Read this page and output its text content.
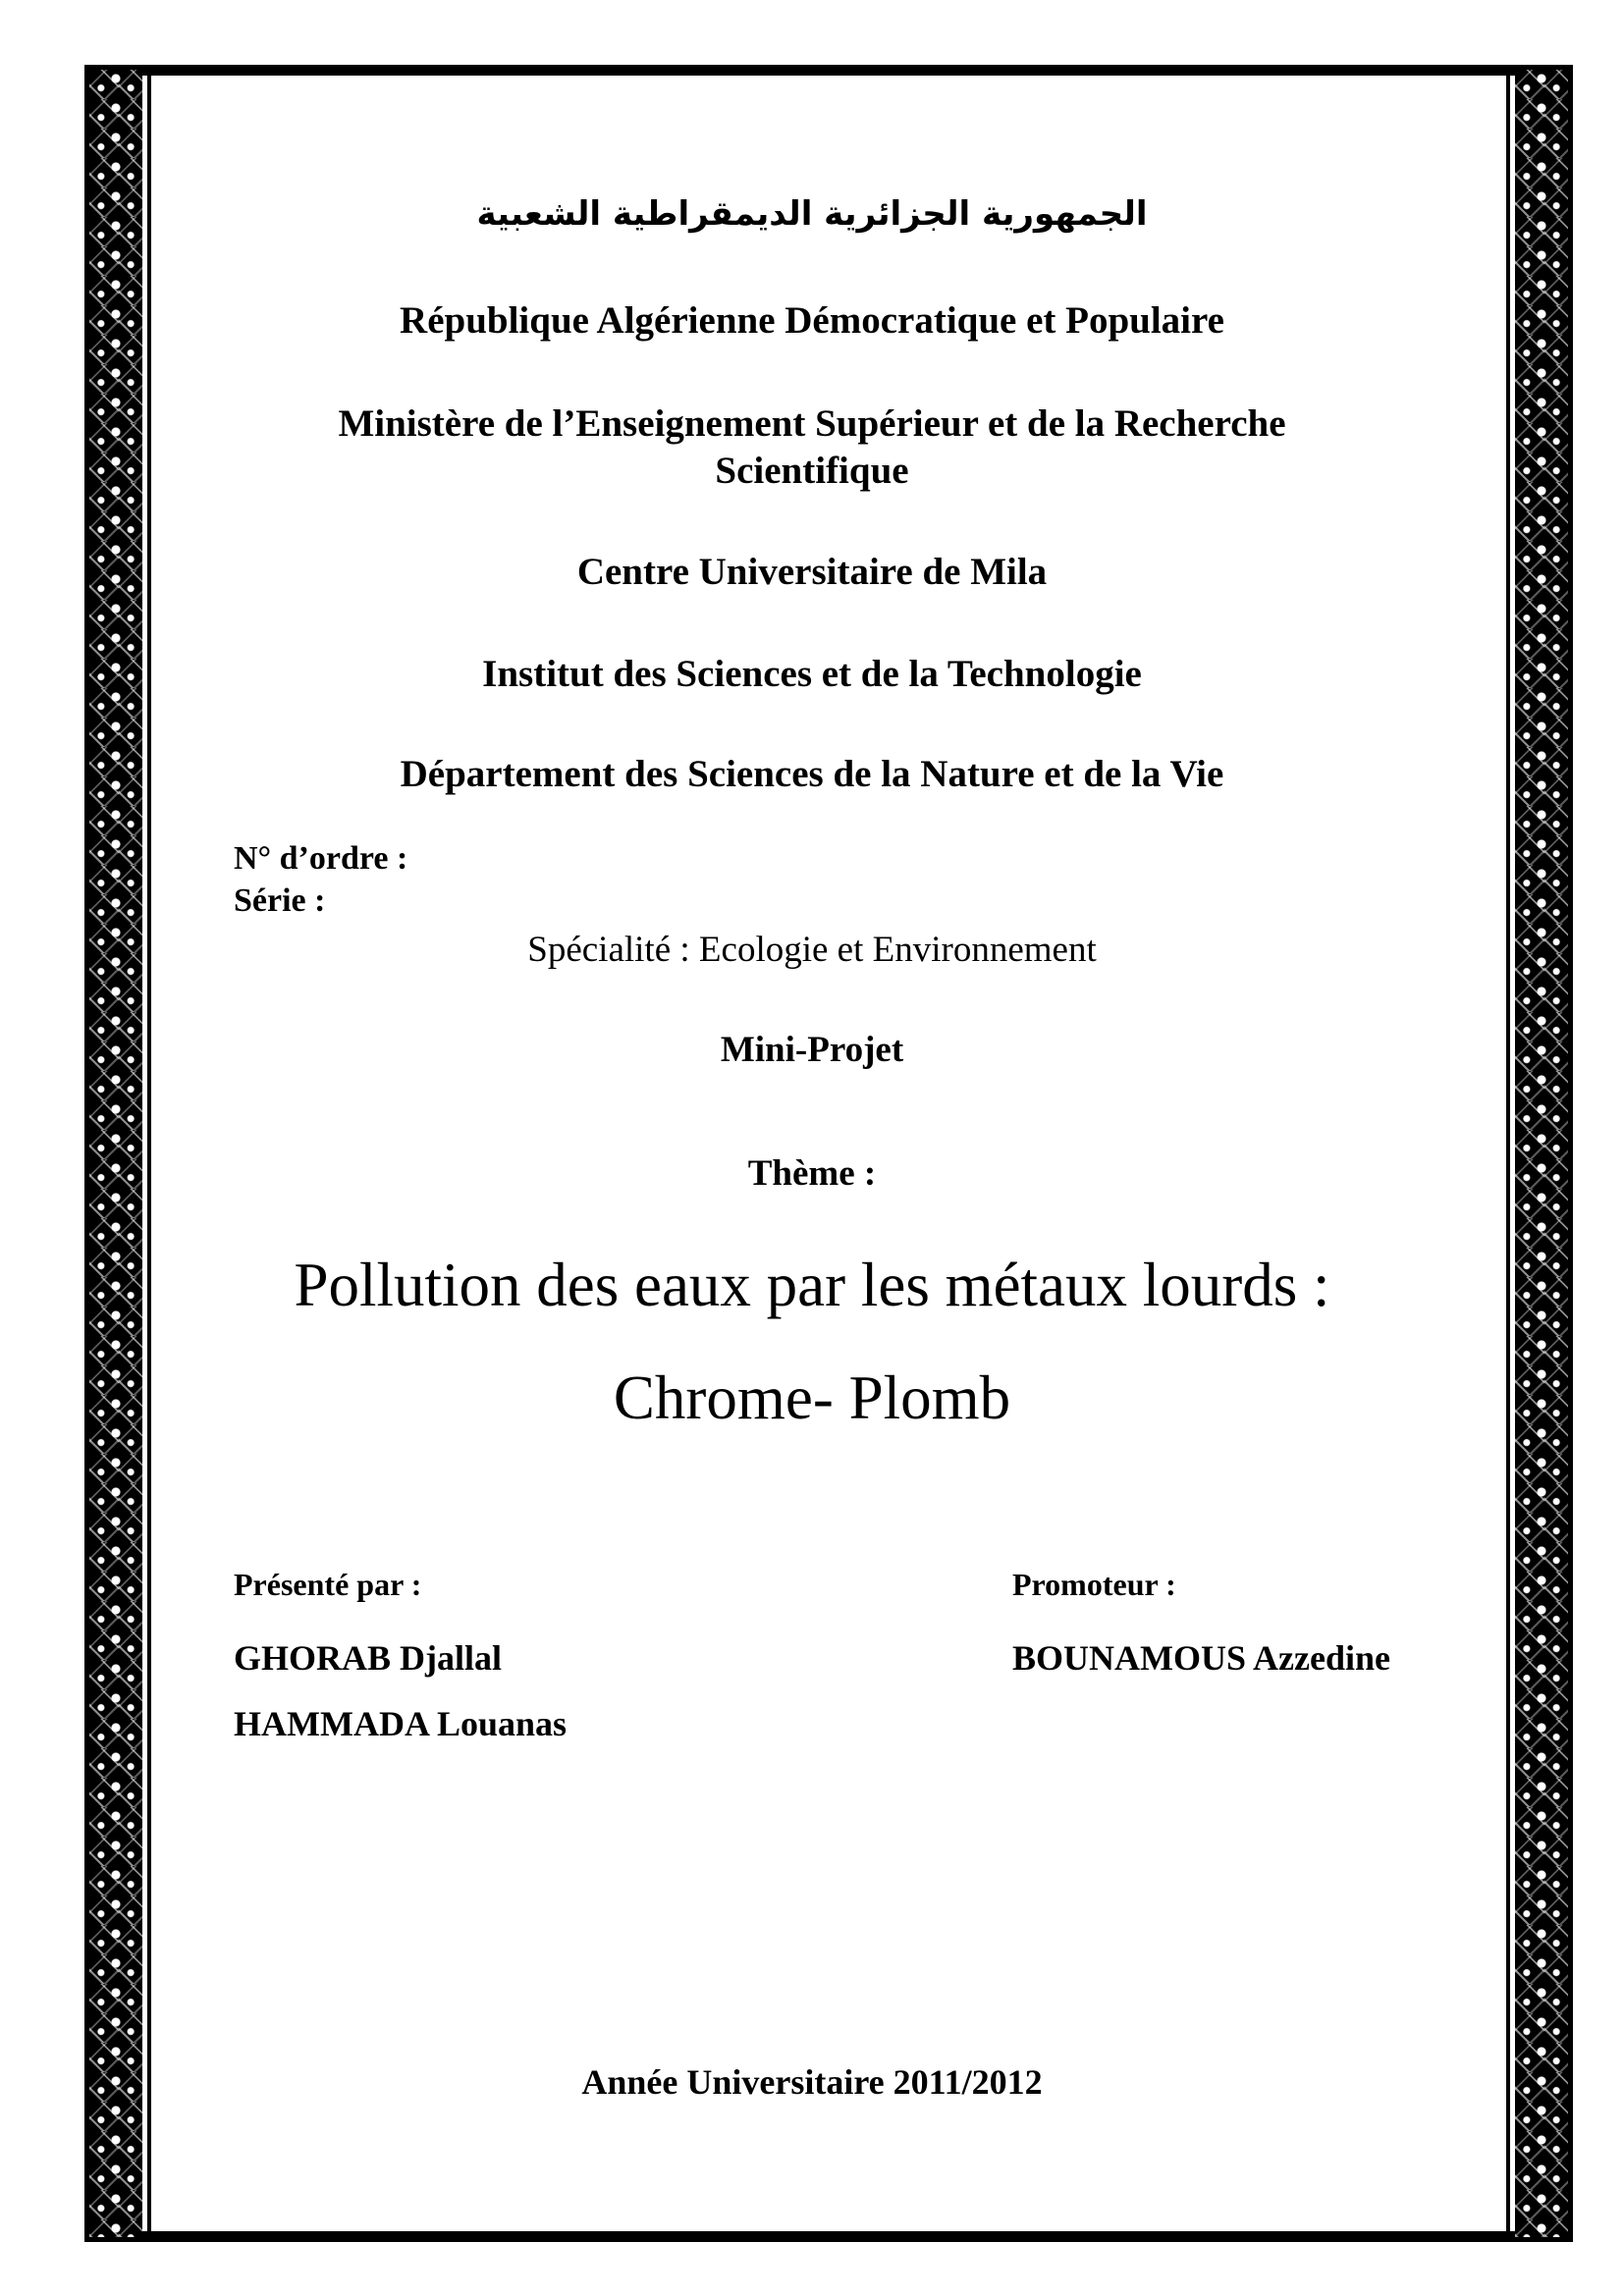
الجمهورية الجزائرية الديمقراطية الشعبية
République Algérienne Démocratique et Populaire
Ministère de l’Enseignement Supérieur et de la Recherche
Scientifique
Centre Universitaire de Mila
Institut des Sciences et de la Technologie
Département des Sciences de la Nature et de la Vie
N° d’ordre :
Série :
Spécialité : Ecologie et Environnement
Mini-Projet
Thème :
Pollution des eaux par les métaux lourds :
Chrome- Plomb
Présenté par :	Promoteur :
GHORAB Djallal
HAMMADA Louanas
BOUNAMOUS Azzedine
Année Universitaire 2011/2012
